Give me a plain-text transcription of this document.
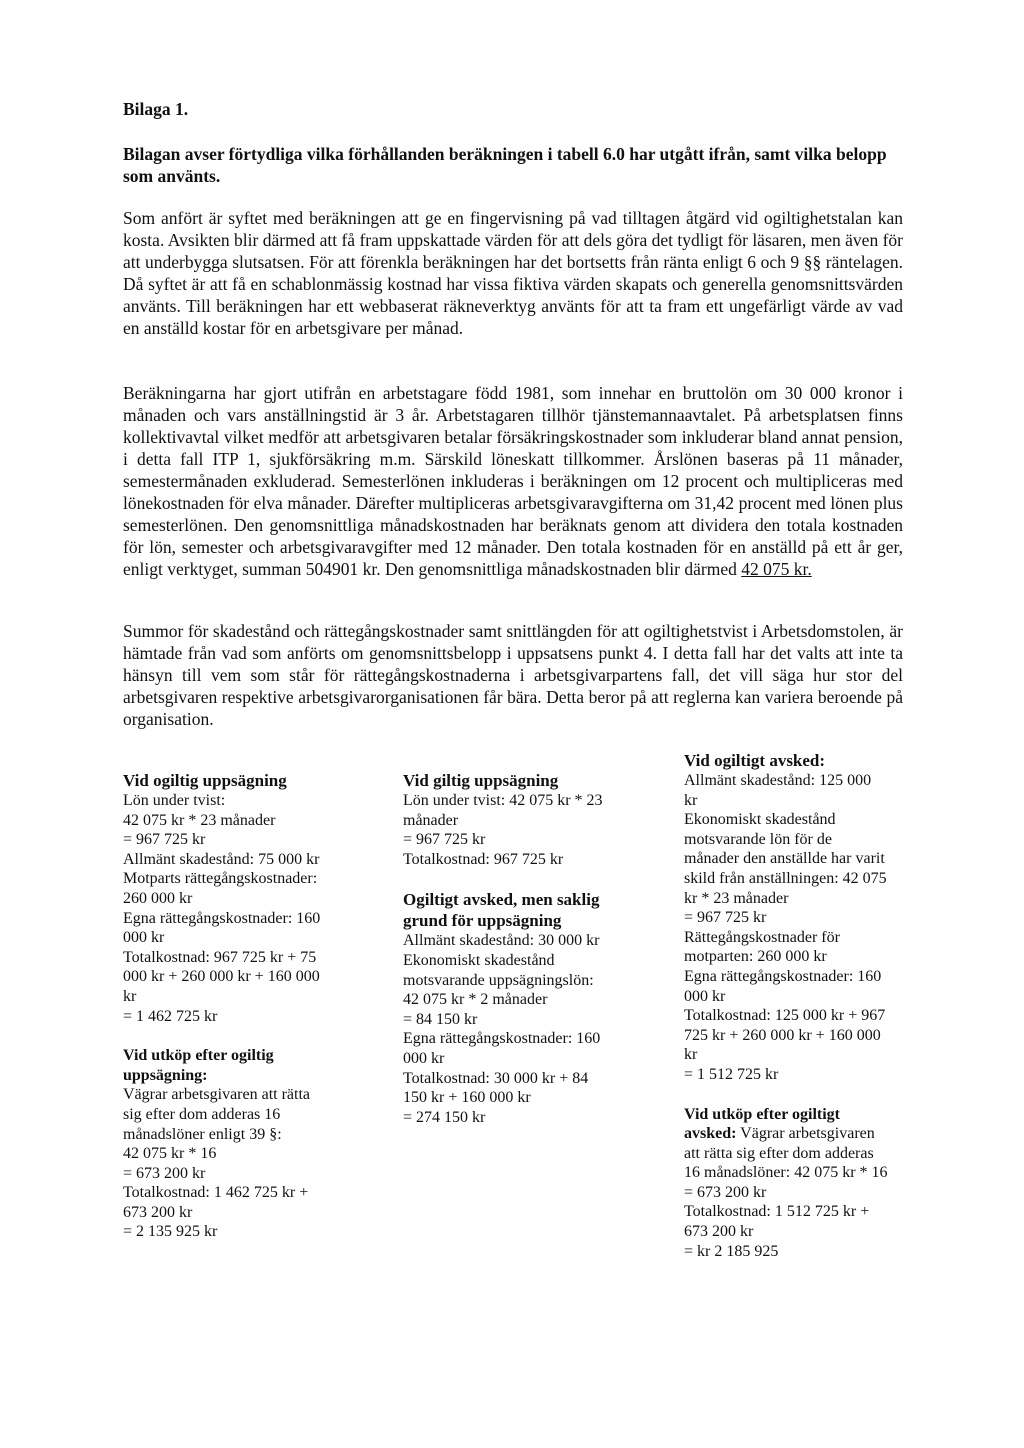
Bilaga 1.
Bilagan avser förtydliga vilka förhållanden beräkningen i tabell 6.0 har utgått ifrån, samt vilka belopp som använts.

Som anfört är syftet med beräkningen att ge en fingervisning på vad tilltagen åtgärd vid ogiltighetstalan kan kosta. Avsikten blir därmed att få fram uppskattade värden för att dels göra det tydligt för läsaren, men även för att underbygga slutsatsen. För att förenkla beräkningen har det bortsetts från ränta enligt 6 och 9 §§ räntelagen. Då syftet är att få en schablonmässig kostnad har vissa fiktiva värden skapats och generella genomsnittsvärden använts. Till beräkningen har ett webbaserat räkneverktyg använts för att ta fram ett ungefärligt värde av vad en anställd kostar för en arbetsgivare per månad.

Beräkningarna har gjort utifrån en arbetstagare född 1981, som innehar en bruttolön om 30 000 kronor i månaden och vars anställningstid är 3 år. Arbetstagaren tillhör tjänstemannaavtalet. På arbetsplatsen finns kollektivavtal vilket medför att arbetsgivaren betalar försäkringskostnader som inkluderar bland annat pension, i detta fall ITP 1, sjukförsäkring m.m. Särskild löneskatt tillkommer. Årslönen baseras på 11 månader, semestermånaden exkluderad. Semesterlönen inkluderas i beräkningen om 12 procent och multipliceras med lönekostnaden för elva månader. Därefter multipliceras arbetsgivaravgifterna om 31,42 procent med lönen plus semesterlönen. Den genomsnittliga månadskostnaden har beräknats genom att dividera den totala kostnaden för lön, semester och arbetsgivaravgifter med 12 månader. Den totala kostnaden för en anställd på ett år ger, enligt verktyget, summan 504901 kr. Den genomsnittliga månadskostnaden blir därmed 42 075 kr.

Summor för skadestånd och rättegångskostnader samt snittlängden för att ogiltighetstvist i Arbetsdomstolen, är hämtade från vad som anförts om genomsnittsbelopp i uppsatsens punkt 4. I detta fall har det valts att inte ta hänsyn till vem som står för rättegångskostnaderna i arbetsgivarpartens fall, det vill säga hur stor del arbetsgivaren respektive arbetsgivarorganisationen får bära. Detta beror på att reglerna kan variera beroende på organisation.

Vid ogiltig uppsägning
Lön under tvist:
42 075 kr * 23 månader
= 967 725 kr
Allmänt skadestånd: 75 000 kr
Motparts rättegångskostnader:
260 000 kr
Egna rättegångskostnader: 160
000 kr
Totalkostnad: 967 725 kr + 75
000 kr + 260 000 kr + 160 000
kr
= 1 462 725 kr
Vid utköp efter ogiltig
uppsägning:
Vägrar arbetsgivaren att rätta
sig efter dom adderas 16
månadslöner enligt 39 §:
42 075 kr * 16
= 673 200 kr
Totalkostnad: 1 462 725 kr +
673 200 kr
= 2 135 925 kr
Vid giltig uppsägning
Lön under tvist: 42 075 kr * 23
månader
= 967 725 kr
Totalkostnad: 967 725 kr
Ogiltigt avsked, men saklig
grund för uppsägning
Allmänt skadestånd: 30 000 kr
Ekonomiskt skadestånd
motsvarande uppsägningslön:
42 075 kr * 2 månader
= 84 150 kr
Egna rättegångskostnader: 160
000 kr
Totalkostnad: 30 000 kr + 84
150 kr + 160 000 kr
= 274 150 kr
Vid ogiltigt avsked:
Allmänt skadestånd: 125 000
kr
Ekonomiskt skadestånd
motsvarande lön för de
månader den anställde har varit
skild från anställningen: 42 075
kr * 23 månader
= 967 725 kr
Rättegångskostnader för
motparten: 260 000 kr
Egna rättegångskostnader: 160
000 kr
Totalkostnad: 125 000 kr + 967
725 kr + 260 000 kr + 160 000
kr
= 1 512 725 kr
Vid utköp efter ogiltigt
avsked: Vägrar arbetsgivaren
att rätta sig efter dom adderas
16 månadslöner: 42 075 kr * 16
= 673 200 kr
Totalkostnad: 1 512 725 kr +
673 200 kr
= kr 2 185 925
